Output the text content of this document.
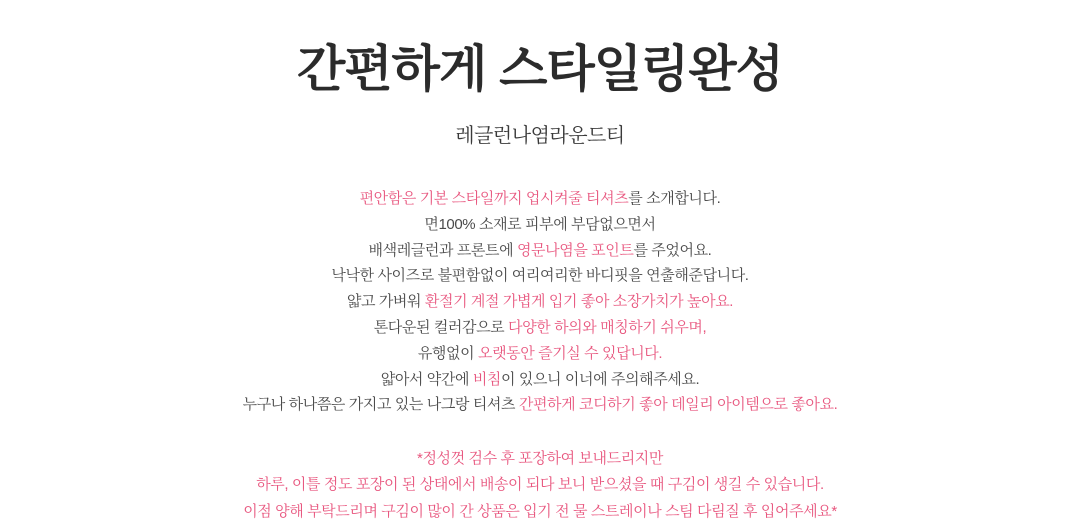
간편하게 스타일링완성
레글런나염라운드티
편안함은 기본 스타일까지 업시켜줄 티셔츠를 소개합니다.
면100% 소재로 피부에 부담없으면서
배색레글런과 프론트에 영문나염을 포인트를 주었어요.
낙낙한 사이즈로 불편함없이 여리여리한 바디핏을 연출해준답니다.
얇고 가벼워 환절기 계절 가볍게 입기 좋아 소장가치가 높아요.
톤다운된 컬러감으로 다양한 하의와 매칭하기 쉬우며,
유행없이 오랫동안 즐기실 수 있답니다.
얇아서 약간에 비침이 있으니 이너에 주의해주세요.
누구나 하나쯤은 가지고 있는 나그랑 티셔츠 간편하게 코디하기 좋아 데일리 아이템으로 좋아요.
*정성껏 검수 후 포장하여 보내드리지만
하루, 이틀 정도 포장이 된 상태에서 배송이 되다 보니 받으셨을 때 구김이 생길 수 있습니다.
이점 양해 부탁드리며 구김이 많이 간 상품은 입기 전 물 스트레이나 스팀 다림질 후 입어주세요*
